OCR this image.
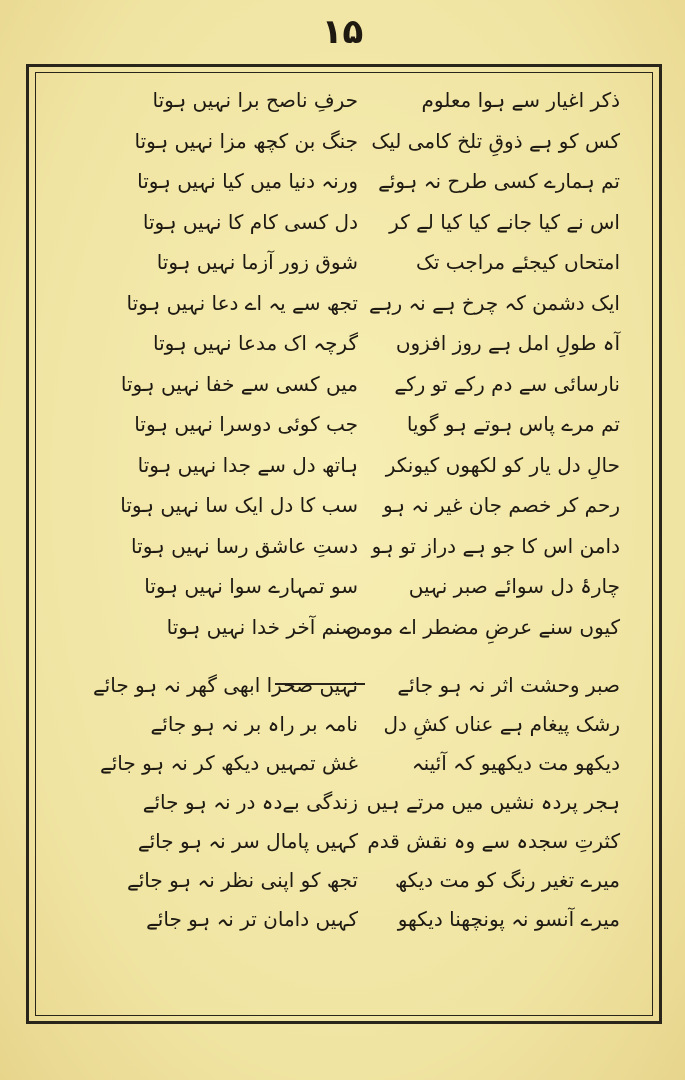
۱۵
ذکر اغیار سے ہوا معلوم
کس کو ہے ذوقِ تلخ کامی لیک
تم ہمارے کسی طرح نہ ہوئے
اس نے کیا جانے کیا کیا لے کر
امتحاں کیجئے مراجب تک
ایک دشمن کہ چرخ ہے نہ رہے
آہ طولِ امل ہے روز افزوں
نارسائی سے دم رکے تو رکے
تم مرے پاس ہوتے ہو گویا
حالِ دل یار کو لکھوں کیونکر
رحم کر خصم جان غیر نہ ہو
دامن اس کا جو ہے دراز تو ہو
چارۂ دل سوائے صبر نہیں
کیوں سنے عرضِ مضطر اے مومن
صبر وحشت اثر نہ ہو جائے
رشک پیغام ہے عناں کشِ دل
دیکھو مت دیکھیو کہ آئینہ
ہجر پردہ نشیں میں مرتے ہیں
کثرتِ سجدہ سے وہ نقش قدم
میرے تغیر رنگ کو مت دیکھ
میرے آنسو نہ پونچھنا دیکھو
حرفِ ناصح برا نہیں ہوتا
جنگ بن کچھ مزا نہیں ہوتا
ورنہ دنیا میں کیا نہیں ہوتا
دل کسی کام کا نہیں ہوتا
شوق زور آزما نہیں ہوتا
تجھ سے یہ اے دعا نہیں ہوتا
گرچہ اک مدعا نہیں ہوتا
میں کسی سے خفا نہیں ہوتا
جب کوئی دوسرا نہیں ہوتا
ہاتھ دل سے جدا نہیں ہوتا
سب کا دل ایک سا نہیں ہوتا
دستِ عاشق رسا نہیں ہوتا
سو تمہارے سوا نہیں ہوتا
صنم آخر خدا نہیں ہوتا
نہیں صحرا ابھی گھر نہ ہو جائے
نامہ بر راہ بر نہ ہو جائے
غش تمہیں دیکھ کر نہ ہو جائے
زندگی بےدہ در نہ ہو جائے
کہیں پامال سر نہ ہو جائے
تجھ کو اپنی نظر نہ ہو جائے
کہیں دامان تر نہ ہو جائے
